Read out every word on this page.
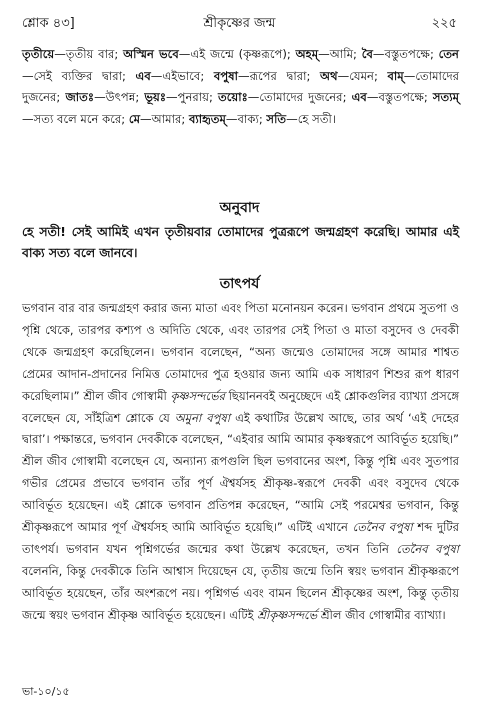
শ্লোক ৪৩]	শ্রীকৃষ্ণের জন্ম	২২৫
তৃতীয়ে—তৃতীয় বার; অস্মিন ভবে—এই জন্মে (কৃষ্ণরূপে); অহম্—আমি; বৈ—বস্তুতপক্ষে; তেন—সেই ব্যক্তির দ্বারা; এব—এইভাবে; বপুষা—রূপের দ্বারা; অথ—যেমন; বাম্—তোমাদের দুজনের; জাতঃ—উৎপন্ন; ভূয়ঃ—পুনরায়; তয়োঃ—তোমাদের দুজনের; এব—বস্তুতপক্ষে; সত্যম্—সত্য বলে মনে করে; মে—আমার; ব্যাহৃতম্—বাক্য; সতি—হে সতী।
অনুবাদ
হে সতী! সেই আমিই এখন তৃতীয়বার তোমাদের পুত্ররূপে জন্মগ্রহণ করেছি। আমার এই বাক্য সত্য বলে জানবে।
তাৎপর্য
ভগবান বার বার জন্মগ্রহণ করার জন্য মাতা এবং পিতা মনোনয়ন করেন। ভগবান প্রথমে সুতপা ও পৃশ্নি থেকে, তারপর কশ্যপ ও অদিতি থেকে, এবং তারপর সেই পিতা ও মাতা বসুদেব ও দেবকী থেকে জন্মগ্রহণ করেছিলেন। ভগবান বলেছেন, “অন্য জন্মেও তোমাদের সঙ্গে আমার শাশ্বত প্রেমের আদান-প্রদানের নিমিত্ত তোমাদের পুত্র হওয়ার জন্য আমি এক সাধারণ শিশুর রূপ ধারণ করেছিলাম।” শ্রীল জীব গোস্বামী কৃষ্ণসন্দর্ভের ছিয়াননবই অনুচ্ছেদে এই শ্লোকগুলির ব্যাখ্যা প্রসঙ্গে বলেছেন যে, সাঁইত্রিশ শ্লোকে যে অমুনা বপুষা এই কথাটির উল্লেখ আছে, তার অর্থ ‘এই দেহের দ্বারা’। পক্ষান্তরে, ভগবান দেবকীকে বলেছেন, “এইবার আমি আমার কৃষ্ণস্বরূপে আবির্ভূত হয়েছি।” শ্রীল জীব গোস্বামী বলেছেন যে, অন্যান্য রূপগুলি ছিল ভগবানের অংশ, কিন্তু পৃশ্নি এবং সুতপার গভীর প্রেমের প্রভাবে ভগবান তাঁর পূর্ণ ঐশ্বর্যসহ শ্রীকৃষ্ণ-স্বরূপে দেবকী এবং বসুদেব থেকে আবির্ভূত হয়েছেন। এই শ্লোকে ভগবান প্রতিপন্ন করেছেন, “আমি সেই পরমেশ্বর ভগবান, কিন্তু শ্রীকৃষ্ণরূপে আমার পূর্ণ ঐশ্বর্যসহ আমি আবির্ভূত হয়েছি।” এটিই এখানে তেনৈব বপুষা শব্দ দুটির তাৎপর্য। ভগবান যখন পৃশ্নিগর্ভের জন্মের কথা উল্লেখ করেছেন, তখন তিনি তেনৈব বপুষা বলেননি, কিন্তু দেবকীকে তিনি আশ্বাস দিয়েছেন যে, তৃতীয় জন্মে তিনি স্বয়ং ভগবান শ্রীকৃষ্ণরূপে আবির্ভূত হয়েছেন, তাঁর অংশরূপে নয়। পৃশ্নিগর্ভ এবং বামন ছিলেন শ্রীকৃষ্ণের অংশ, কিন্তু তৃতীয় জন্মে স্বয়ং ভগবান শ্রীকৃষ্ণ আবির্ভূত হয়েছেন। এটিই শ্রীকৃষ্ণসন্দর্ভে শ্রীল জীব গোস্বামীর ব্যাখ্যা।
ভা-১০/১৫
